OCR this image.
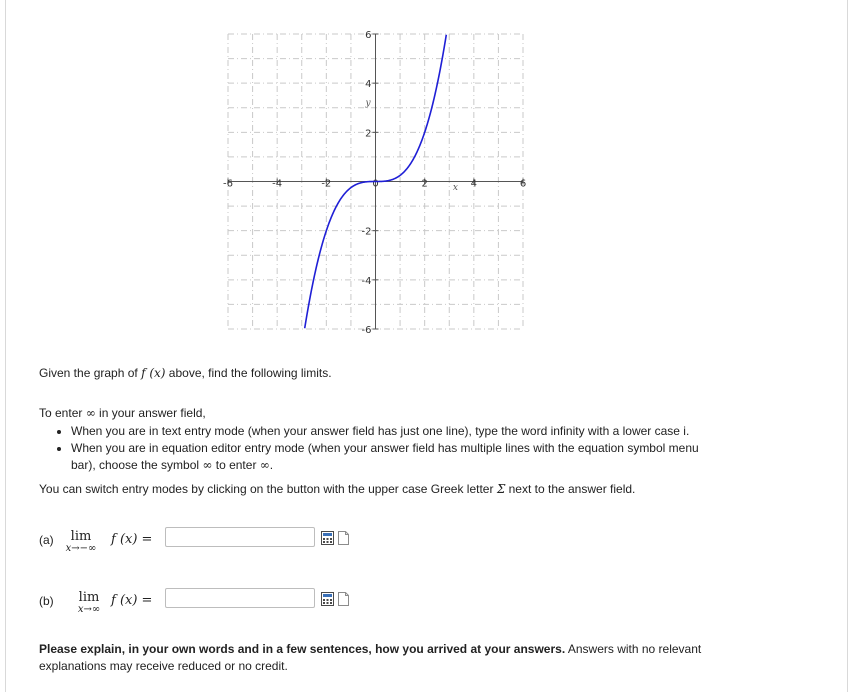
-6	-4	-2	0	2	4	6
6
4
2
-2
-4
-6
x
y
Given the graph of f (x) above, find the following limits.
To enter ∞ in your answer field,
• When you are in text entry mode (when your answer field has just one line), type the word infinity with a lower case i.
• When you are in equation editor entry mode (when your answer field has multiple lines with the equation symbol menu bar), choose the symbol ∞ to enter ∞.
You can switch entry modes by clicking on the button with the upper case Greek letter Σ next to the answer field.
(a)	lim
x→−∞
f (x) =
(b)	lim
x→∞
f (x) =
Please explain, in your own words and in a few sentences, how you arrived at your answers. Answers with no relevant explanations may receive reduced or no credit.
